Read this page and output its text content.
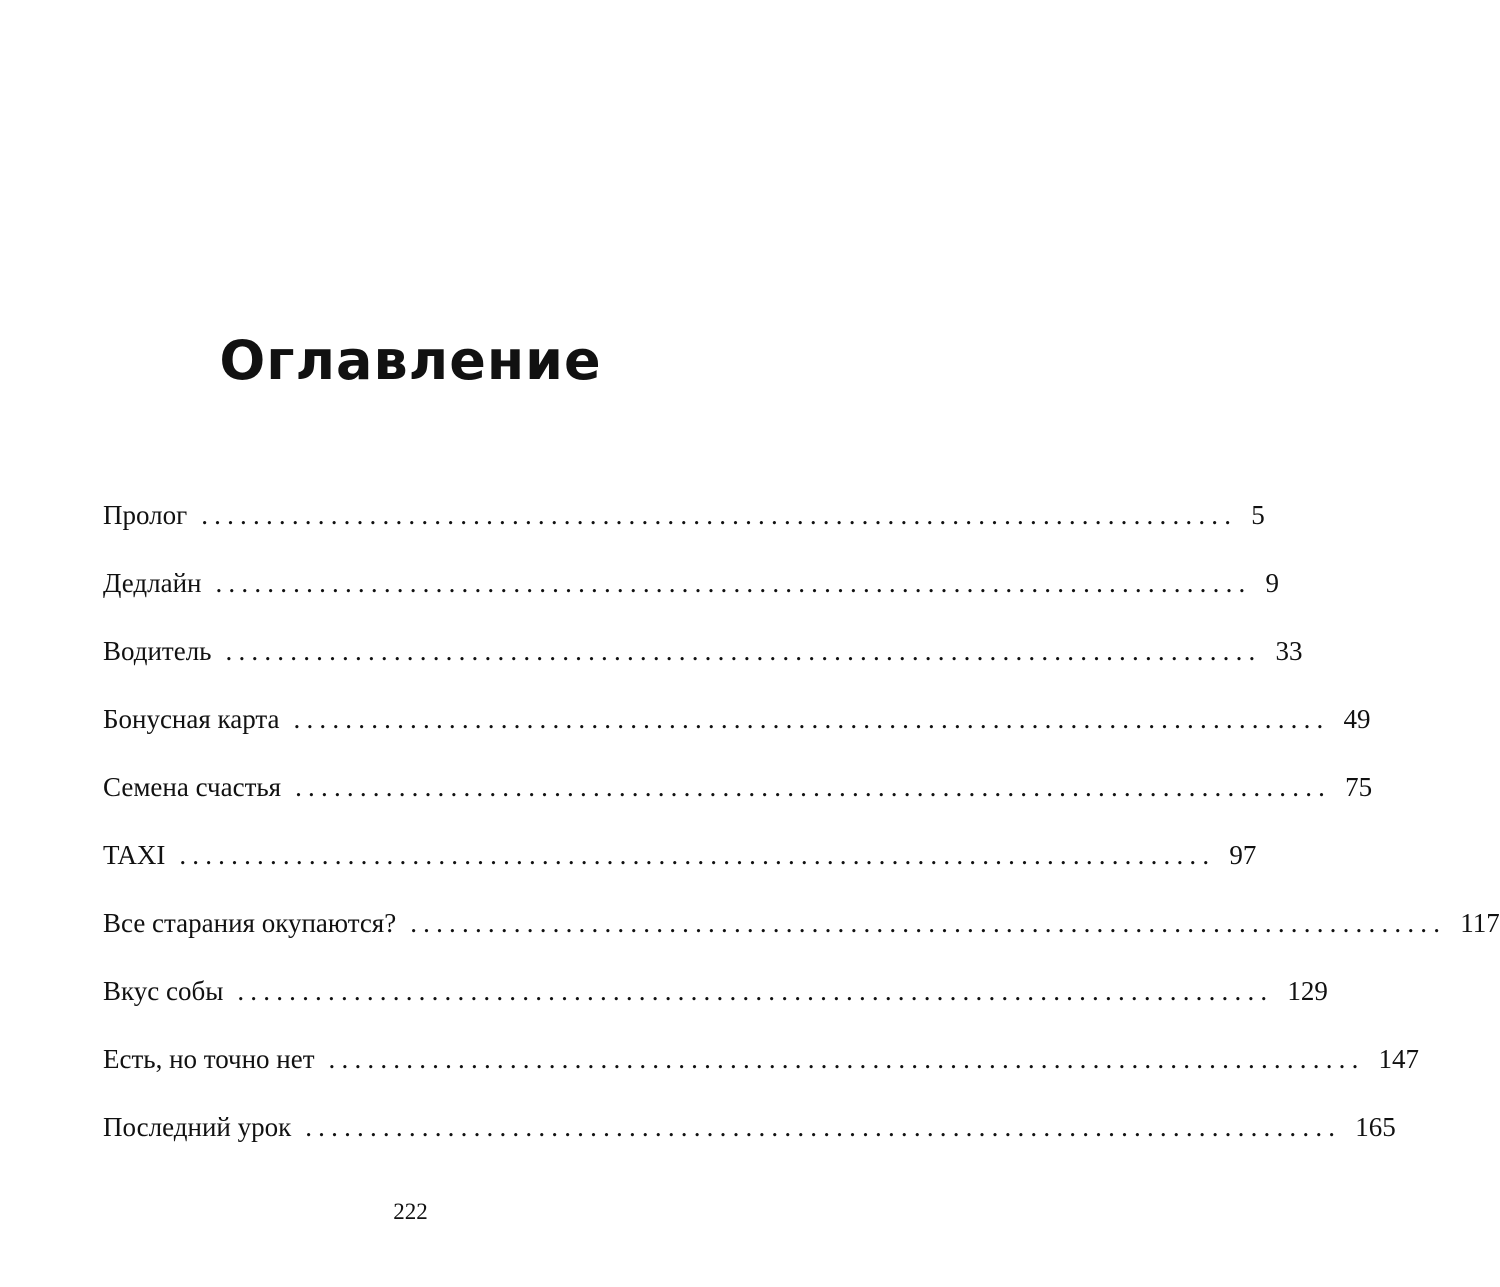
Оглавление
Пролог ................................................................................ 5
Дедлайн ................................................................................ 9
Водитель ................................................................................ 33
Бонусная карта ................................................................................ 49
Семена счастья ................................................................................ 75
TAXI ................................................................................ 97
Все старания окупаются? ................................................................................ 117
Вкус собы ................................................................................ 129
Есть, но точно нет ................................................................................ 147
Последний урок ................................................................................ 165
222
